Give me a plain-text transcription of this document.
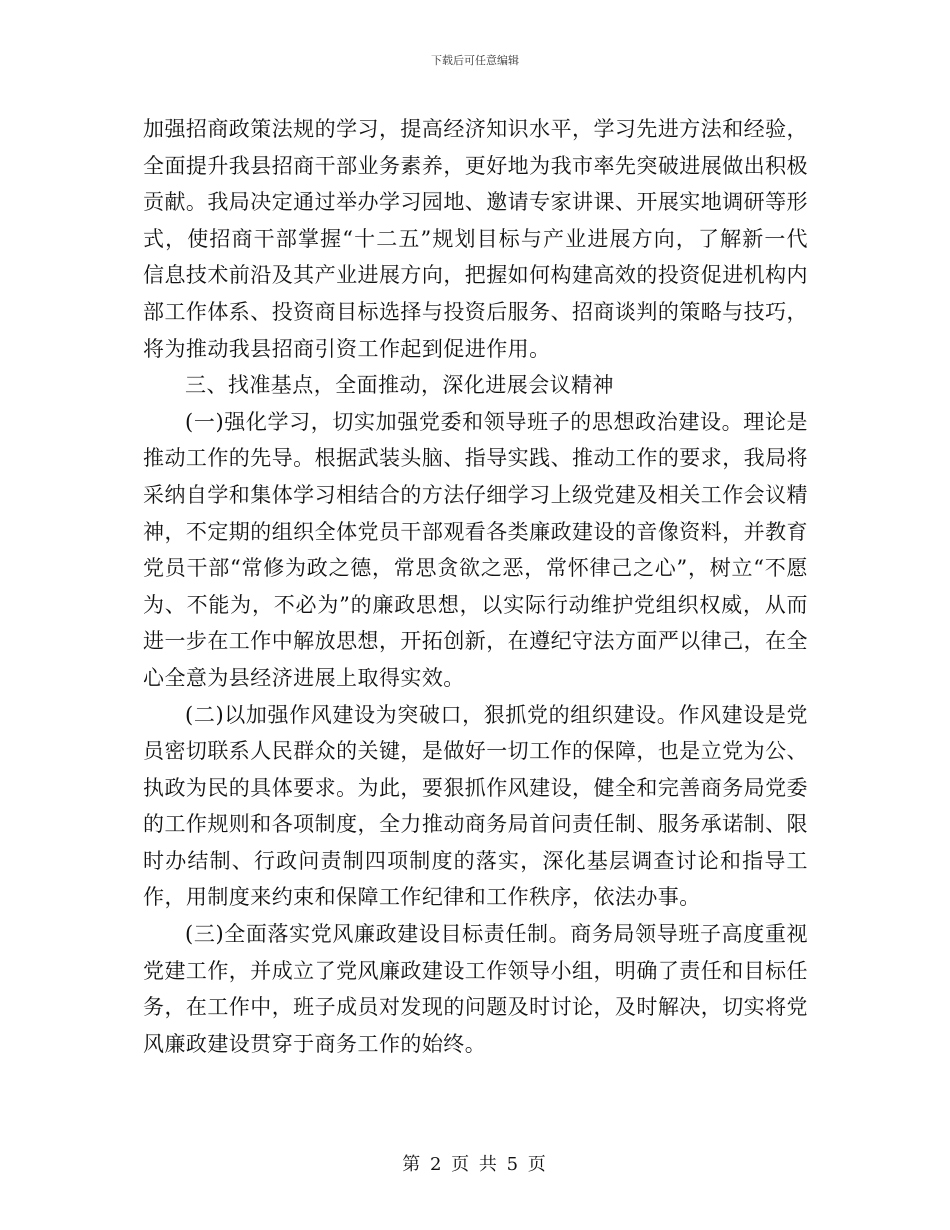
下载后可任意编辑

加强招商政策法规的学习，提高经济知识水平，学习先进方法和经验，全面提升我县招商干部业务素养，更好地为我市率先突破进展做出积极贡献。我局决定通过举办学习园地、邀请专家讲课、开展实地调研等形式，使招商干部掌握“十二五”规划目标与产业进展方向，了解新一代信息技术前沿及其产业进展方向，把握如何构建高效的投资促进机构内部工作体系、投资商目标选择与投资后服务、招商谈判的策略与技巧，将为推动我县招商引资工作起到促进作用。

三、找准基点，全面推动，深化进展会议精神

(一)强化学习，切实加强党委和领导班子的思想政治建设。理论是推动工作的先导。根据武装头脑、指导实践、推动工作的要求，我局将采纳自学和集体学习相结合的方法仔细学习上级党建及相关工作会议精神，不定期的组织全体党员干部观看各类廉政建设的音像资料，并教育党员干部“常修为政之德，常思贪欲之恶，常怀律己之心”，树立“不愿为、不能为，不必为”的廉政思想，以实际行动维护党组织权威，从而进一步在工作中解放思想，开拓创新，在遵纪守法方面严以律己，在全心全意为县经济进展上取得实效。

(二)以加强作风建设为突破口，狠抓党的组织建设。作风建设是党员密切联系人民群众的关键，是做好一切工作的保障，也是立党为公、执政为民的具体要求。为此，要狠抓作风建设，健全和完善商务局党委的工作规则和各项制度，全力推动商务局首问责任制、服务承诺制、限时办结制、行政问责制四项制度的落实，深化基层调查讨论和指导工作，用制度来约束和保障工作纪律和工作秩序，依法办事。

(三)全面落实党风廉政建设目标责任制。商务局领导班子高度重视党建工作，并成立了党风廉政建设工作领导小组，明确了责任和目标任务，在工作中，班子成员对发现的问题及时讨论，及时解决，切实将党风廉政建设贯穿于商务工作的始终。

第 2 页 共 5 页
